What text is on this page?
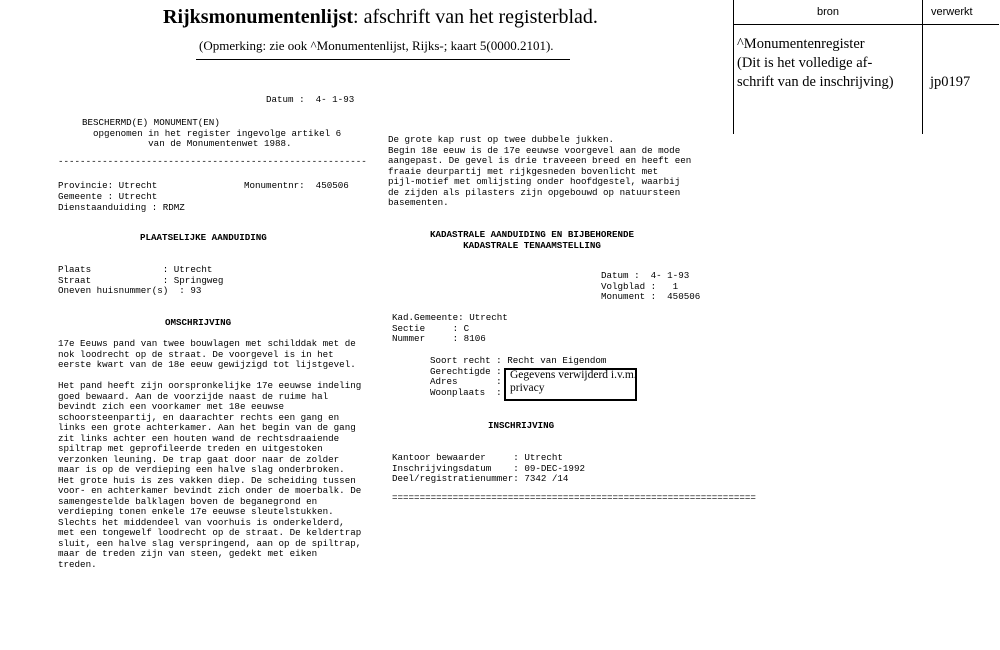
Rijksmonumentenlijst: afschrift van het registerblad.
(Opmerking: zie ook ^Monumentenlijst, Rijks-; kaart 5(0000.2101).
bron	verwerkt
^Monumentenregister
(Dit is het volledige af-
schrift van de inschrijving)	jp0197
Datum :  4- 1-93
BESCHERMD(E) MONUMENT(EN)
opgenomen in het register ingevolge artikel 6
van de Monumentenwet 1988.
--------------------------------------------------------
Provincie: Utrecht	Monumentnr:  450506
Gemeente : Utrecht
Dienstaanduiding : RDMZ
PLAATSELIJKE AANDUIDING
Plaats             : Utrecht
Straat             : Springweg
Oneven huisnummer(s)  : 93
OMSCHRIJVING
17e Eeuws pand van twee bouwlagen met schilddak met de
nok loodrecht op de straat. De voorgevel is in het
eerste kwart van de 18e eeuw gewijzigd tot lijstgevel.
Het pand heeft zijn oorspronkelijke 17e eeuwse indeling
goed bewaard. Aan de voorzijde naast de ruime hal
bevindt zich een voorkamer met 18e eeuwse
schoorsteenpartij, en daarachter rechts een gang en
links een grote achterkamer. Aan het begin van de gang
zit links achter een houten wand de rechtsdraaiende
spiltrap met geprofileerde treden en uitgestoken
verzonken leuning. De trap gaat door naar de zolder
maar is op de verdieping een halve slag onderbroken.
Het grote huis is zes vakken diep. De scheiding tussen
voor- en achterkamer bevindt zich onder de moerbalk. De
samengestelde balklagen boven de beganegrond en
verdieping tonen enkele 17e eeuwse sleutelstukken.
Slechts het middendeel van voorhuis is onderkelderd,
met een tongewelf loodrecht op de straat. De keldertrap
sluit, een halve slag verspringend, aan op de spiltrap,
maar de treden zijn van steen, gedekt met eiken
treden.
De grote kap rust op twee dubbele jukken.
Begin 18e eeuw is de 17e eeuwse voorgevel aan de mode
aangepast. De gevel is drie traveeen breed en heeft een
fraaie deurpartij met rijkgesneden bovenlicht met
pijl-motief met omlijsting onder hoofdgestel, waarbij
de zijden als pilasters zijn opgebouwd op natuursteen
basementen.
KADASTRALE AANDUIDING EN BIJBEHORENDE
KADASTRALE TENAAMSTELLING
Datum :  4- 1-93
Volgblad :   1
Monument :  450506
Kad.Gemeente: Utrecht
Sectie     : C
Nummer     : 8106
Soort recht : Recht van Eigendom
Gerechtigde :
Adres       :
Woonplaats  :
Gegevens verwijderd i.v.m.
privacy
INSCHRIJVING
Kantoor bewaarder     : Utrecht
Inschrijvingsdatum    : 09-DEC-1992
Deel/registratienummer: 7342 /14
==================================================================
